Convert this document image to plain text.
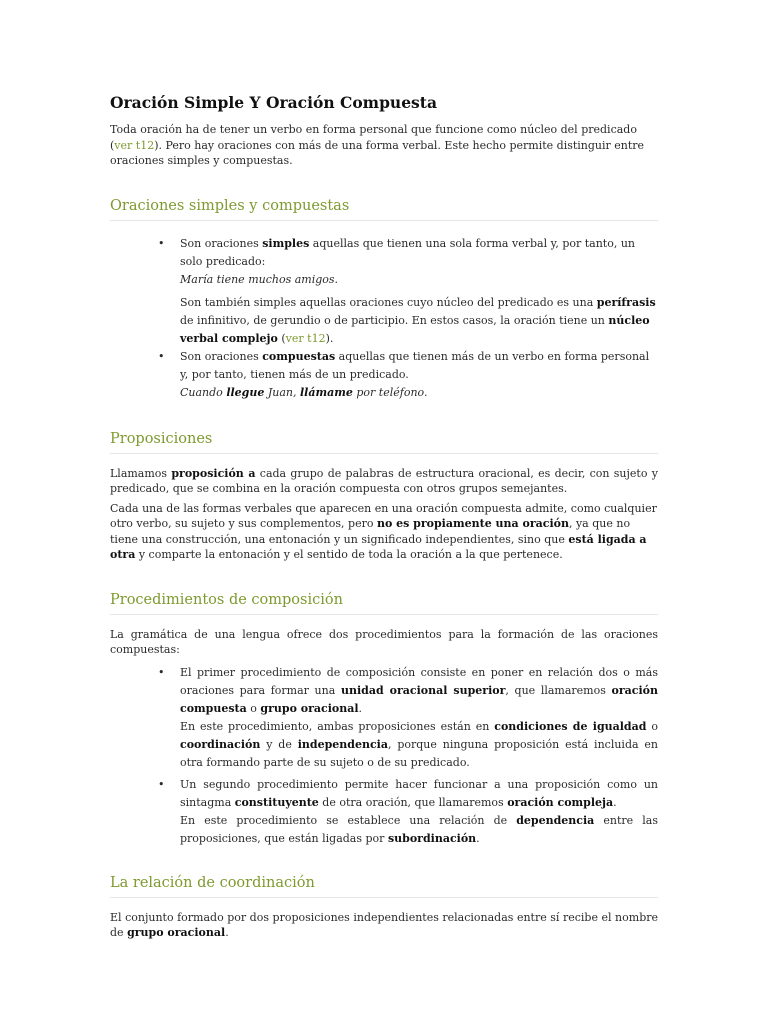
Oración Simple Y Oración Compuesta

Toda oración ha de tener un verbo en forma personal que funcione como núcleo del predicado (ver t12). Pero hay oraciones con más de una forma verbal. Este hecho permite distinguir entre oraciones simples y compuestas.

Oraciones simples y compuestas
• Son oraciones simples aquellas que tienen una sola forma verbal y, por tanto, un solo predicado:
María tiene muchos amigos.
Son también simples aquellas oraciones cuyo núcleo del predicado es una perífrasis de infinitivo, de gerundio o de participio. En estos casos, la oración tiene un núcleo verbal complejo (ver t12).
• Son oraciones compuestas aquellas que tienen más de un verbo en forma personal y, por tanto, tienen más de un predicado.
Cuando llegue Juan, llámame por teléfono.
Proposiciones

Llamamos proposición a cada grupo de palabras de estructura oracional, es decir, con sujeto y predicado, que se combina en la oración compuesta con otros grupos semejantes.

Cada una de las formas verbales que aparecen en una oración compuesta admite, como cualquier otro verbo, su sujeto y sus complementos, pero no es propiamente una oración, ya que no tiene una construcción, una entonación y un significado independientes, sino que está ligada a otra y comparte la entonación y el sentido de toda la oración a la que pertenece.

Procedimientos de composición

La gramática de una lengua ofrece dos procedimientos para la formación de las oraciones compuestas:

• El primer procedimiento de composición consiste en poner en relación dos o más oraciones para formar una unidad oracional superior, que llamaremos oración compuesta o grupo oracional.
En este procedimiento, ambas proposiciones están en condiciones de igualdad o coordinación y de independencia, porque ninguna proposición está incluida en otra formando parte de su sujeto o de su predicado.
• Un segundo procedimiento permite hacer funcionar a una proposición como un sintagma constituyente de otra oración, que llamaremos oración compleja.
En este procedimiento se establece una relación de dependencia entre las proposiciones, que están ligadas por subordinación.
La relación de coordinación

El conjunto formado por dos proposiciones independientes relacionadas entre sí recibe el nombre de grupo oracional.
